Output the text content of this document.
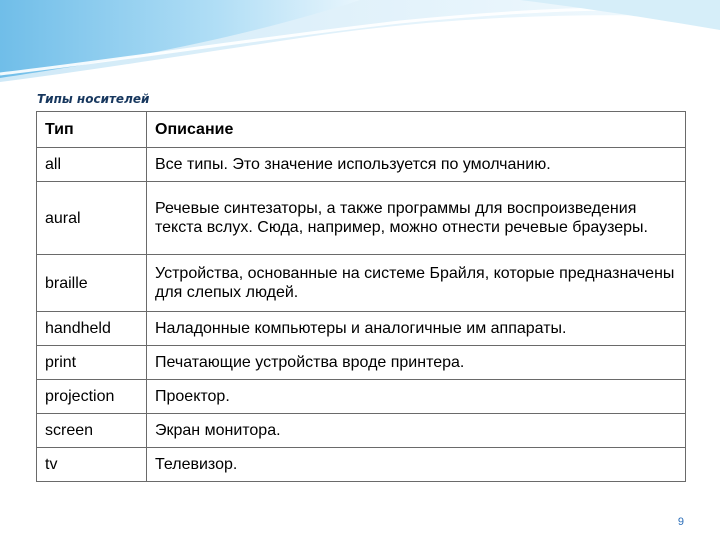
Типы носителей
Тип	Описание
all	Все типы. Это значение используется по умолчанию.
aural	Речевые синтезаторы, а также программы для воспроизведения текста вслух. Сюда, например, можно отнести речевые браузеры.
braille	Устройства, основанные на системе Брайля, которые предназначены для слепых людей.
handheld	Наладонные компьютеры и аналогичные им аппараты.
print	Печатающие устройства вроде принтера.
projection	Проектор.
screen	Экран монитора.
tv	Телевизор.
9
